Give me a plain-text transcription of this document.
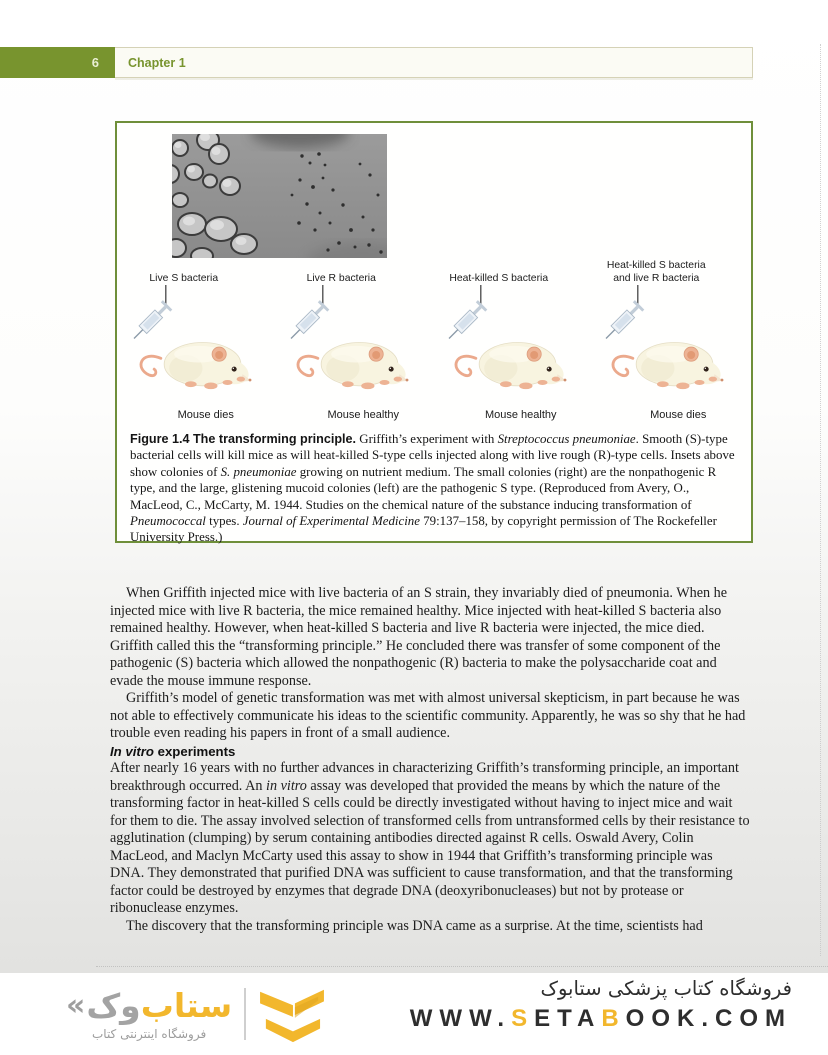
6	Chapter 1
Live S bacteria
Mouse dies
Live R bacteria
Mouse healthy
Heat-killed S bacteria
Mouse healthy
Heat-killed S bacteria
and live R bacteria
Mouse dies
Figure 1.4 The transforming principle. Griffith’s experiment with Streptococcus pneumoniae. Smooth (S)-type bacterial cells will kill mice as will heat-killed S-type cells injected along with live rough (R)-type cells. Insets above show colonies of S. pneumoniae growing on nutrient medium. The small colonies (right) are the nonpathogenic R type, and the large, glistening mucoid colonies (left) are the pathogenic S type. (Reproduced from Avery, O., MacLeod, C., McCarty, M. 1944. Studies on the chemical nature of the substance inducing transformation of Pneumococcal types. Journal of Experimental Medicine 79:137–158, by copyright permission of The Rockefeller University Press.)

When Griffith injected mice with live bacteria of an S strain, they invariably died of pneumonia. When he injected mice with live R bacteria, the mice remained healthy. Mice injected with heat-killed S bacteria also remained healthy. However, when heat-killed S bacteria and live R bacteria were injected, the mice died. Griffith called this the “transforming principle.” He concluded there was transfer of some component of the pathogenic (S) bacteria which allowed the nonpathogenic (R) bacteria to make the polysaccharide coat and evade the mouse immune response.

Griffith’s model of genetic transformation was met with almost universal skepticism, in part because he was not able to effectively communicate his ideas to the scientific community. Apparently, he was so shy that he had trouble even reading his papers in front of a small audience.

In vitro experiments

After nearly 16 years with no further advances in characterizing Griffith’s transforming principle, an important breakthrough occurred. An in vitro assay was developed that provided the means by which the nature of the transforming factor in heat-killed S cells could be directly investigated without having to inject mice and wait for them to die. The assay involved selection of transformed cells from untransformed cells by their resistance to agglutination (clumping) by serum containing antibodies directed against R cells. Oswald Avery, Colin MacLeod, and Maclyn McCarty used this assay to show in 1944 that Griffith’s transforming principle was DNA. They demonstrated that purified DNA was sufficient to cause transformation, and that the transforming factor could be destroyed by enzymes that degrade DNA (deoxyribonucleases) but not by protease or ribonuclease enzymes.

The discovery that the transforming principle was DNA came as a surprise. At the time, scientists had

« وک ستاب
فروشگاه اینترنتی کتاب
فروشگاه کتاب پزشکی ستابوک
WWW.SETABOOK.COM
